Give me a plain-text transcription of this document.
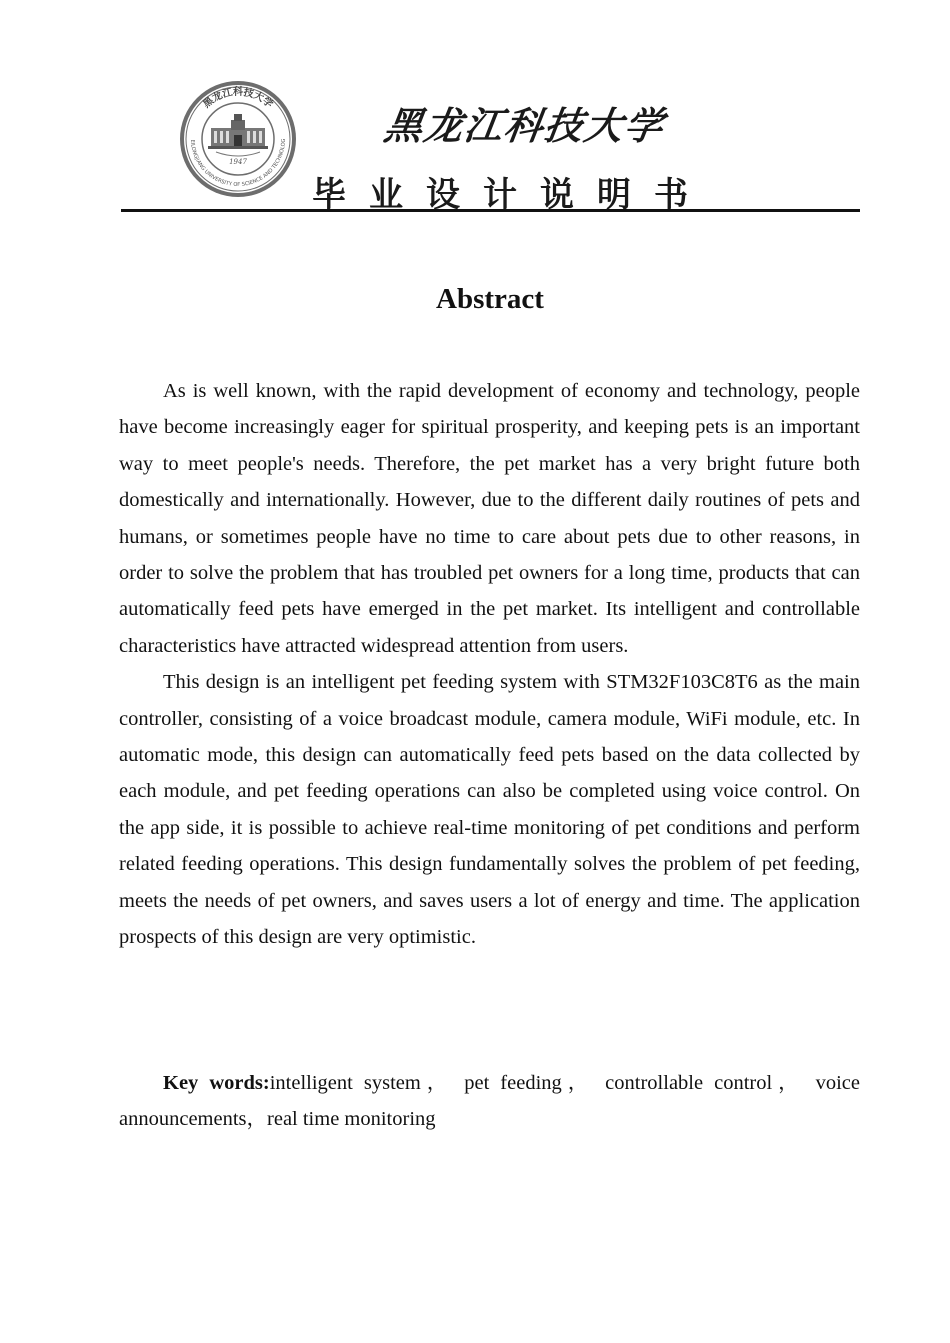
黑龙江科技大学
EILONGJIANG UNIVERSITY OF SCIENCE AND TECHNOLOG
1947
黑龙江科技大学
毕业设计说明书
Abstract

As is well known, with the rapid development of economy and technology, people have become increasingly eager for spiritual prosperity, and keeping pets is an important way to meet people's needs. Therefore, the pet market has a very bright future both domestically and internationally. However, due to the different daily routines of pets and humans, or sometimes people have no time to care about pets due to other reasons, in order to solve the problem that has troubled pet owners for a long time, products that can automatically feed pets have emerged in the pet market. Its intelligent and controllable characteristics have attracted widespread attention from users.

This design is an intelligent pet feeding system with STM32F103C8T6 as the main controller, consisting of a voice broadcast module, camera module, WiFi module, etc. In automatic mode, this design can automatically feed pets based on the data collected by each module, and pet feeding operations can also be completed using voice control. On the app side, it is possible to achieve real-time monitoring of pet conditions and perform related feeding operations. This design fundamentally solves the problem of pet feeding, meets the needs of pet owners, and saves users a lot of energy and time. The application prospects of this design are very optimistic.

Key words:intelligent system， pet feeding， controllable control， voice announcements，real time monitoring
